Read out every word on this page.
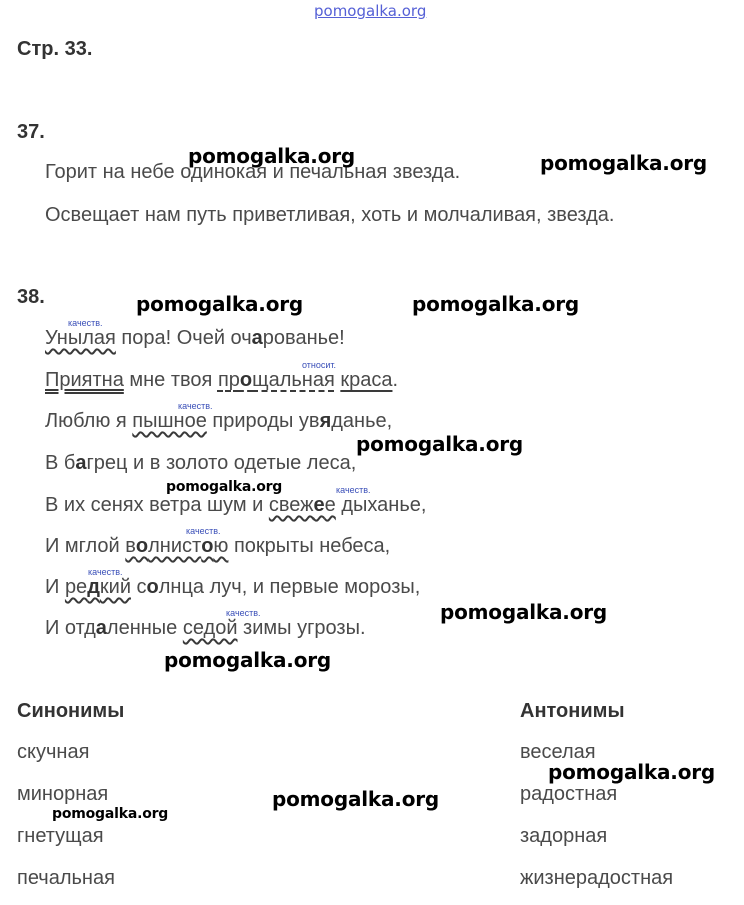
pomogalka.org
Стр. 33.
37.
Горит на небе одинокая и печальная звезда.
Освещает нам путь приветливая, хоть и молчаливая, звезда.
38.
качеств.
Унылая пора! Очей очарованье!
относит.
Приятна мне твоя прощальная краса.
качеств.
Люблю я пышное природы увяданье,
В багрец и в золото одетые леса,
качеств.
В их сенях ветра шум и свежее дыханье,
качеств.
И мглой волнистою покрыты небеса,
качеств.
И редкий солнца луч, и первые морозы,
качеств.
И отдаленные седой зимы угрозы.
Синонимы
скучная
минорная
гнетущая
печальная
Антонимы
веселая
радостная
задорная
жизнерадостная
pomogalka.org	pomogalka.org
pomogalka.org	pomogalka.org
pomogalka.org
pomogalka.org
pomogalka.org
pomogalka.org
pomogalka.org
pomogalka.org
pomogalka.org
